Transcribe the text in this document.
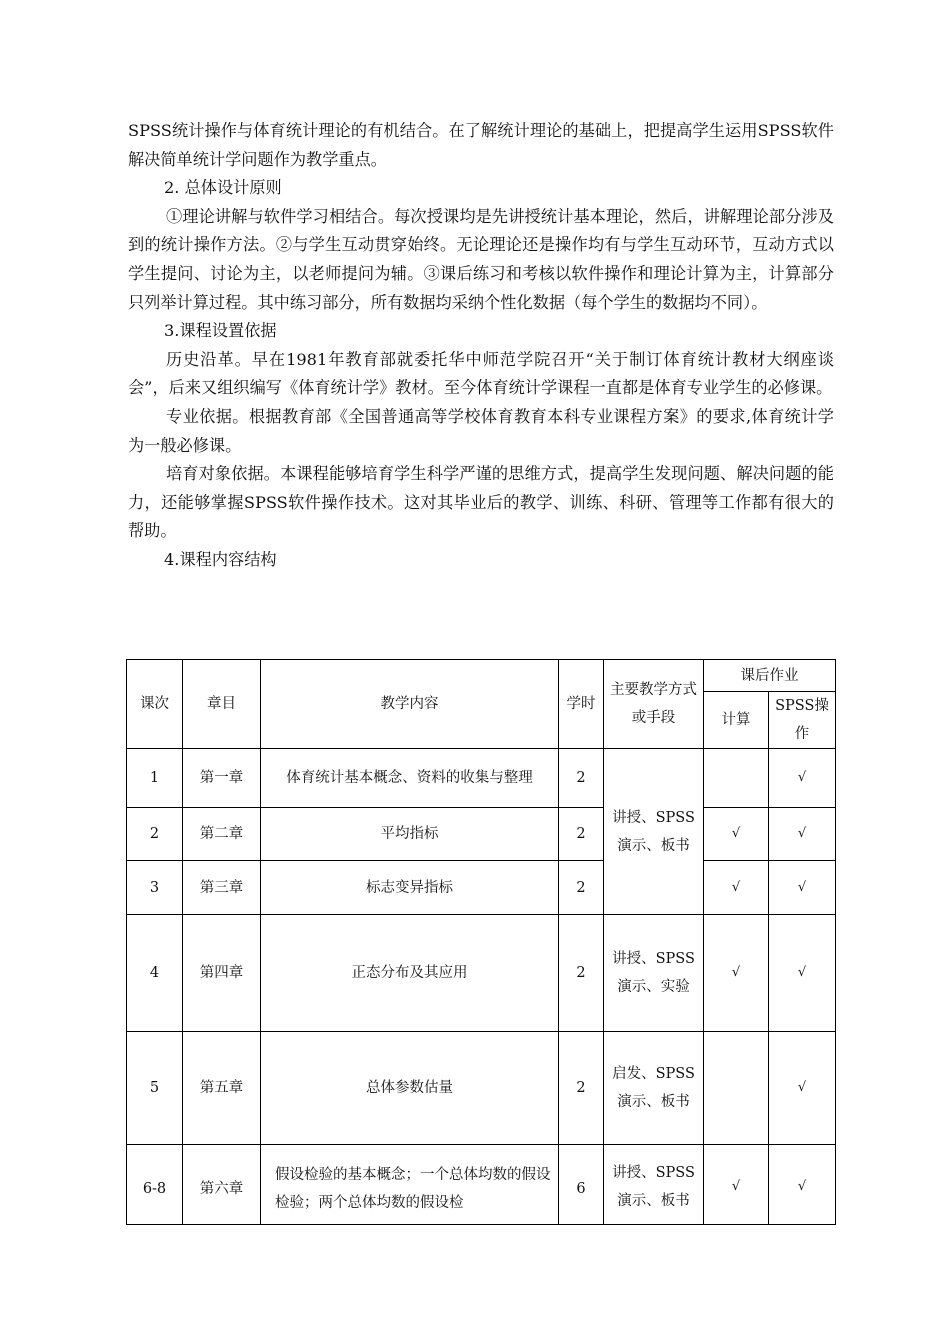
SPSS统计操作与体育统计理论的有机结合。在了解统计理论的基础上，把提高学生运用SPSS软件解决简单统计学问题作为教学重点。

2. 总体设计原则

①理论讲解与软件学习相结合。每次授课均是先讲授统计基本理论，然后，讲解理论部分涉及到的统计操作方法。②与学生互动贯穿始终。无论理论还是操作均有与学生互动环节，互动方式以学生提问、讨论为主，以老师提问为辅。③课后练习和考核以软件操作和理论计算为主，计算部分只列举计算过程。其中练习部分，所有数据均采纳个性化数据（每个学生的数据均不同）。

3.课程设置依据

历史沿革。早在1981年教育部就委托华中师范学院召开“关于制订体育统计教材大纲座谈会”，后来又组织编写《体育统计学》教材。至今体育统计学课程一直都是体育专业学生的必修课。

专业依据。根据教育部《全国普通高等学校体育教育本科专业课程方案》的要求,体育统计学为一般必修课。

培育对象依据。本课程能够培育学生科学严谨的思维方式，提高学生发现问题、解决问题的能力，还能够掌握SPSS软件操作技术。这对其毕业后的教学、训练、科研、管理等工作都有很大的帮助。

4.课程内容结构

课次	章目	教学内容	学时	主要教学方式或手段	课后作业	
					计算	SPSS操作
1	第一章	体育统计基本概念、资料的收集与整理	2	讲授、SPSS演示、板书		√
2	第二章	平均指标	2		√	√
3	第三章	标志变异指标	2		√	√
4	第四章	正态分布及其应用	2	讲授、SPSS演示、实验	√	√
5	第五章	总体参数估量	2	启发、SPSS演示、板书		√
6-8	第六章	假设检验的基本概念；一个总体均数的假设检验；两个总体均数的假设检	6	讲授、SPSS演示、板书	√	√
